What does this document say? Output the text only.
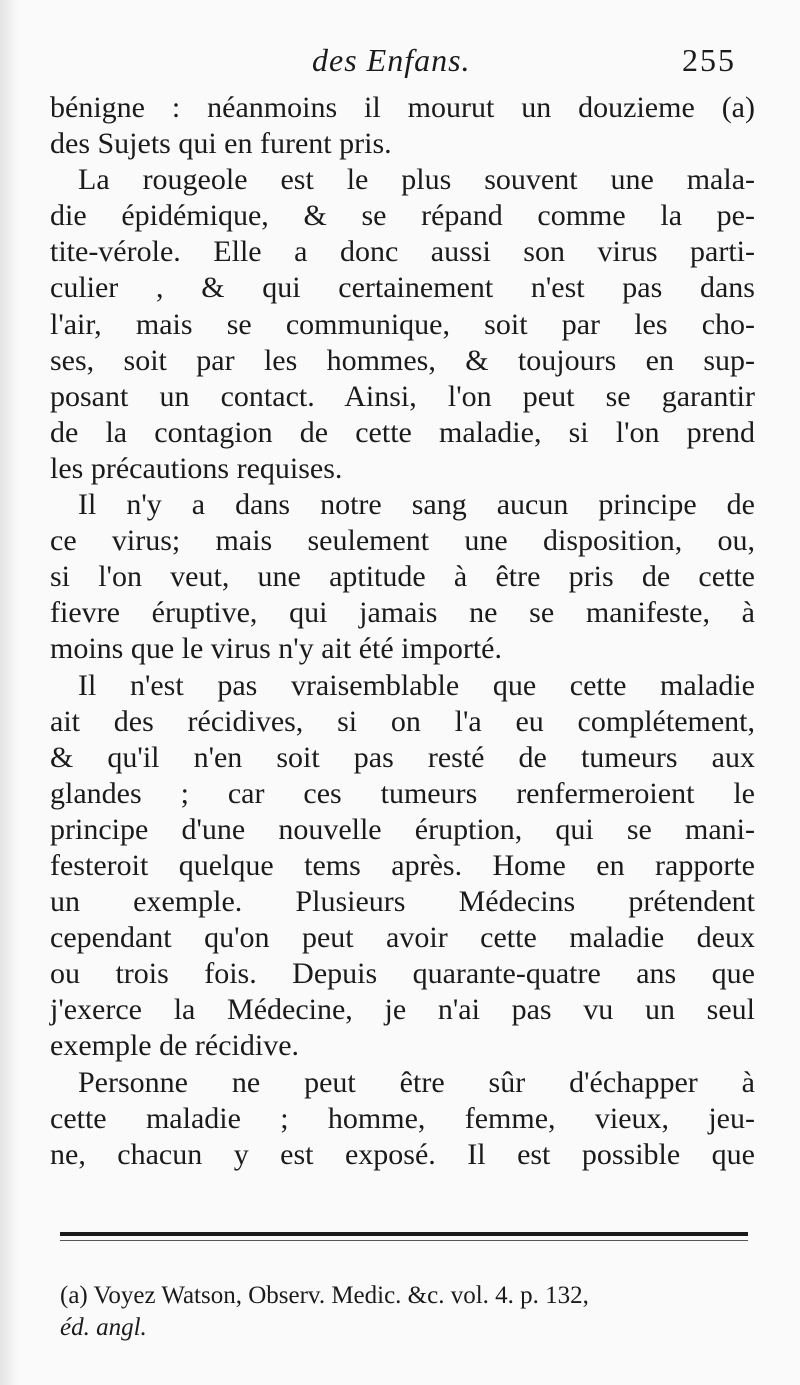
des Enfans.	255
bénigne : néanmoins il mourut un douzieme (a)
des Sujets qui en furent pris.
La rougeole est le plus souvent une mala-
die épidémique, & se répand comme la pe-
tite-vérole. Elle a donc aussi son virus parti-
culier , & qui certainement n'est pas dans
l'air, mais se communique, soit par les cho-
ses, soit par les hommes, & toujours en sup-
posant un contact. Ainsi, l'on peut se garantir
de la contagion de cette maladie, si l'on prend
les précautions requises.
Il n'y a dans notre sang aucun principe de
ce virus; mais seulement une disposition, ou,
si l'on veut, une aptitude à être pris de cette
fievre éruptive, qui jamais ne se manifeste, à
moins que le virus n'y ait été importé.
Il n'est pas vraisemblable que cette maladie
ait des récidives, si on l'a eu complétement,
& qu'il n'en soit pas resté de tumeurs aux
glandes ; car ces tumeurs renfermeroient le
principe d'une nouvelle éruption, qui se mani-
festeroit quelque tems après. Home en rapporte
un exemple. Plusieurs Médecins prétendent
cependant qu'on peut avoir cette maladie deux
ou trois fois. Depuis quarante-quatre ans que
j'exerce la Médecine, je n'ai pas vu un seul
exemple de récidive.
Personne ne peut être sûr d'échapper à
cette maladie ; homme, femme, vieux, jeu-
ne, chacun y est exposé. Il est possible que
(a) Voyez Watson, Observ. Medic. &c. vol. 4. p. 132,
éd. angl.
